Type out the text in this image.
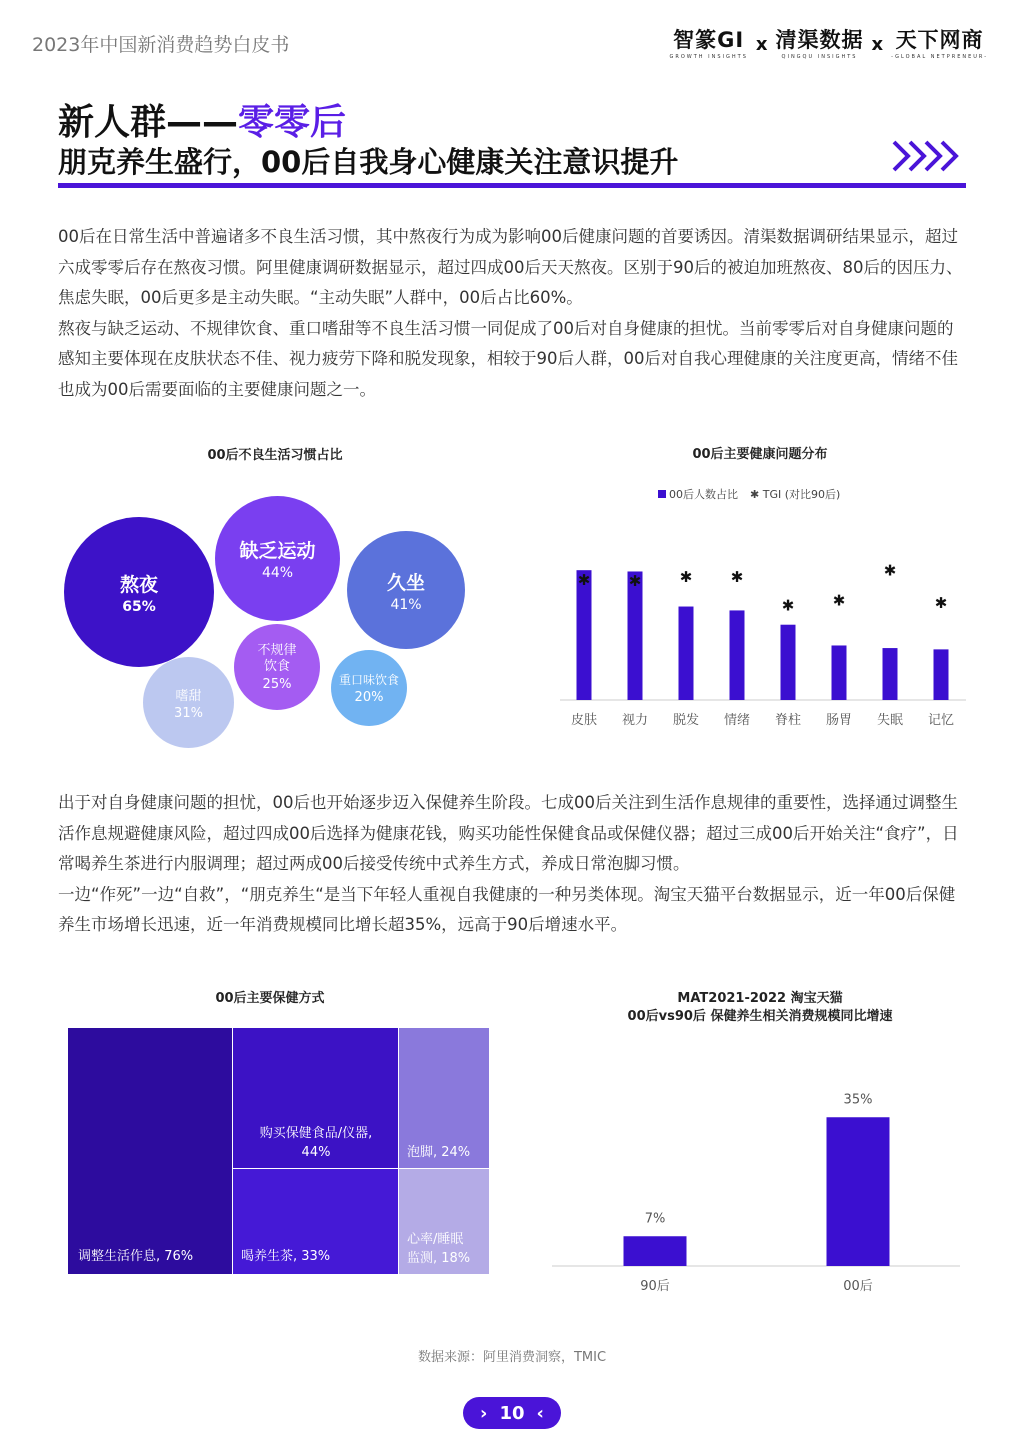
2023年中国新消费趋势白皮书	智篆GI
GROWTH INSIGHTS
x 清渠数据
QINGQU INSIGHTS
x 天下网商
-GLOBAL NETPRENEUR-
新人群——零零后
朋克养生盛行，00后自我身心健康关注意识提升

00后在日常生活中普遍诸多不良生活习惯，其中熬夜行为成为影响00后健康问题的首要诱因。清渠数据调研结果显示，超过六成零零后存在熬夜习惯。阿里健康调研数据显示，超过四成00后天天熬夜。区别于90后的被迫加班熬夜、80后的因压力、焦虑失眠，00后更多是主动失眠。“主动失眠”人群中，00后占比60%。

熬夜与缺乏运动、不规律饮食、重口嗜甜等不良生活习惯一同促成了00后对自身健康的担忧。当前零零后对自身健康问题的感知主要体现在皮肤状态不佳、视力疲劳下降和脱发现象，相较于90后人群，00后对自我心理健康的关注度更高，情绪不佳也成为00后需要面临的主要健康问题之一。

00后不良生活习惯占比
熬夜
65%
缺乏运动
44%	久坐
41%
不规律
饮食
25%
嗜甜
31%
重口味饮食
20%
00后主要健康问题分布
00后人数占比 ✱ TGI (对比90后)
✱
皮肤
✱
视力
✱
脱发
✱
情绪
✱
脊柱
✱
肠胃
✱
失眠
✱
记忆

出于对自身健康问题的担忧，00后也开始逐步迈入保健养生阶段。七成00后关注到生活作息规律的重要性，选择通过调整生活作息规避健康风险，超过四成00后选择为健康花钱，购买功能性保健食品或保健仪器；超过三成00后开始关注“食疗”，日常喝养生茶进行内服调理；超过两成00后接受传统中式养生方式，养成日常泡脚习惯。

一边“作死”一边“自救”，“朋克养生“是当下年轻人重视自我健康的一种另类体现。淘宝天猫平台数据显示，近一年00后保健养生市场增长迅速，近一年消费规模同比增长超35%，远高于90后增速水平。

00后主要保健方式
调整生活作息, 76%
购买保健食品/仪器,
44%
喝养生茶, 33%
泡脚, 24%
心率/睡眠
监测, 18%
MAT2021-2022 淘宝天猫
00后vs90后 保健养生相关消费规模同比增速
7%
90后
35%
00后
数据来源：阿里消费洞察，TMIC
› 10 ‹
